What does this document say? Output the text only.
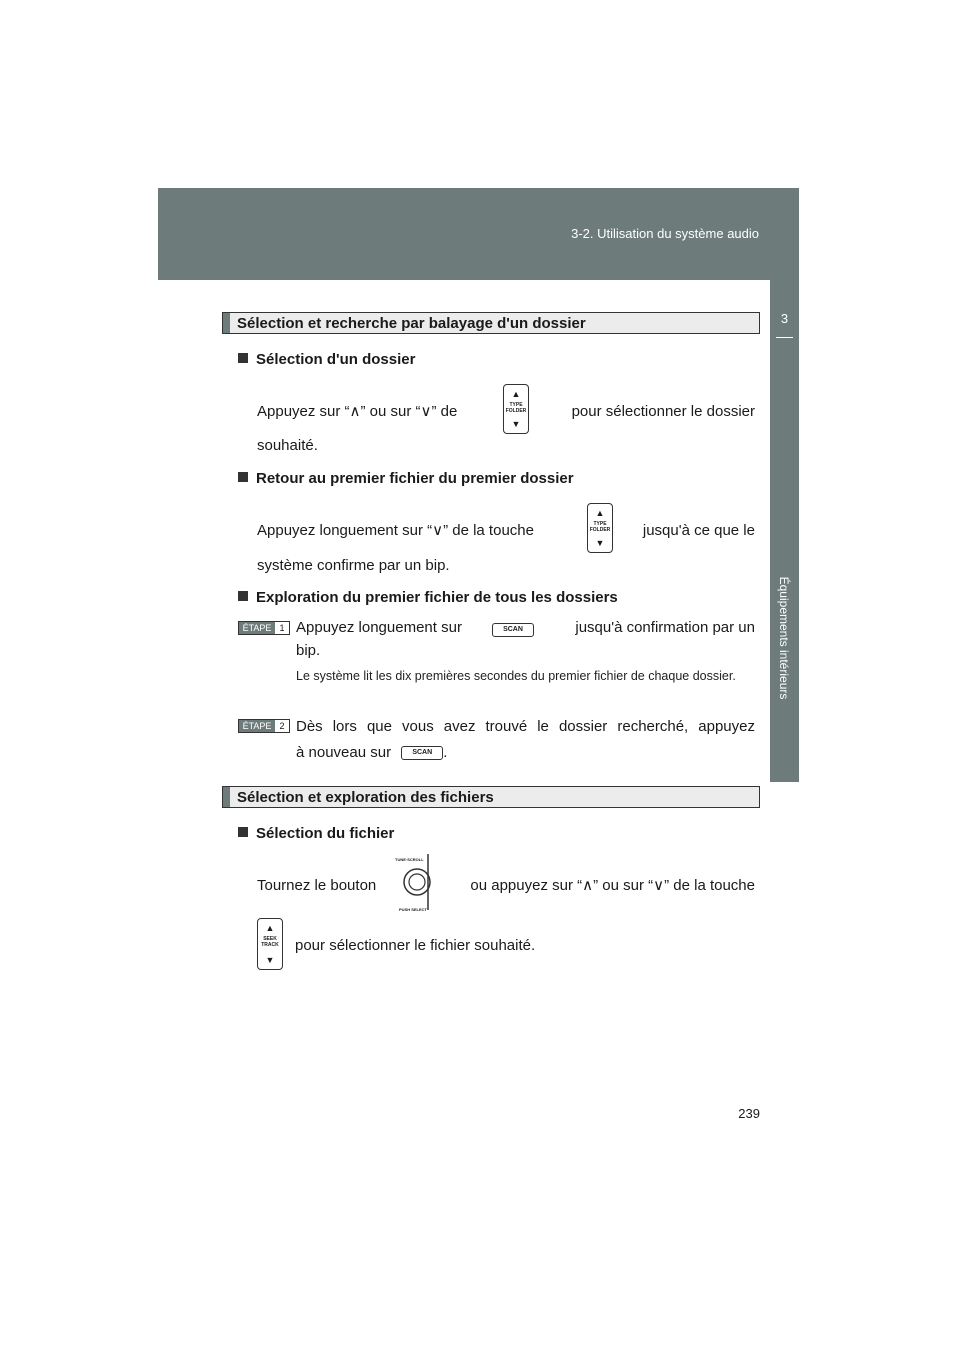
3-2. Utilisation du système audio
3
Équipements intérieurs
Sélection et recherche par balayage d'un dossier
Sélection d'un dossier
Appuyez sur “∧” ou sur “∨” de
▲
TYPE FOLDER
▼
pour sélectionner le dossier
souhaité.
Retour au premier fichier du premier dossier
Appuyez longuement sur “∨” de la touche
▲
TYPE FOLDER
▼
jusqu'à ce que le
système confirme par un bip.
Exploration du premier fichier de tous les dossiers
ÉTAPE 1 Appuyez longuement sur	SCAN	jusqu'à confirmation par un
bip.
Le système lit les dix premières secondes du premier fichier de chaque dossier.
ÉTAPE 2 Dès lors que vous avez trouvé le dossier recherché, appuyez
à nouveau sur	SCAN .
Sélection et exploration des fichiers
Sélection du fichier
Tournez le bouton
TUNE·SCROLL
PUSH SELECT
ou appuyez sur “∧” ou sur “∨” de la touche
▲
SEEK TRACK
▼
pour sélectionner le fichier souhaité.
239
